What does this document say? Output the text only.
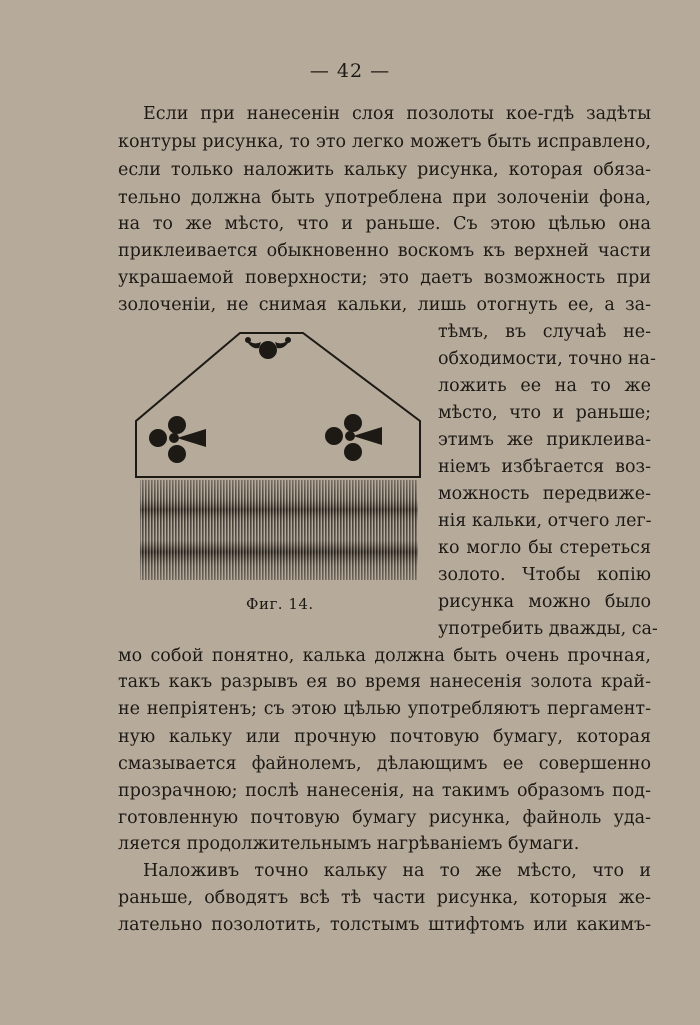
— 42 —
Если при нанесенін слоя позолоты кое-гдѣ задѣты
контуры рисунка, то это легко можетъ быть исправлено,
если только наложить кальку рисунка, которая обяза-
тельно должна быть употреблена при золоченіи фона,
на то же мѣсто, что и раньше. Съ этою цѣлью она
приклеивается обыкновенно воскомъ къ верхней части
украшаемой поверхности; это даетъ возможность при
золоченіи, не снимая кальки, лишь отогнуть ее, а за-
тѣмъ, въ случаѣ не-
обходимости, точно на-
ложить ее на то же
мѣсто, что и раньше;
этимъ же приклеива-
ніемъ избѣгается воз-
можность передвиже-
нія кальки, отчего лег-
ко могло бы стереться
золото. Чтобы копію
рисунка можно было
употребить дважды, са-
мо собой понятно, калька должна быть очень прочная,
такъ какъ разрывъ ея во время нанесенія золота край-
не непріятенъ; съ этою цѣлью употребляютъ пергамент-
ную кальку или прочную почтовую бумагу, которая
смазывается файнолемъ, дѣлающимъ ее совершенно
прозрачною; послѣ нанесенія, на такимъ образомъ под-
готовленную почтовую бумагу рисунка, файноль уда-
ляется продолжительнымъ нагрѣваніемъ бумаги.
Наложивъ точно кальку на то же мѣсто, что и
раньше, обводятъ всѣ тѣ части рисунка, которыя же-
лательно позолотить, толстымъ штифтомъ или какимъ-
Фиг. 14.
